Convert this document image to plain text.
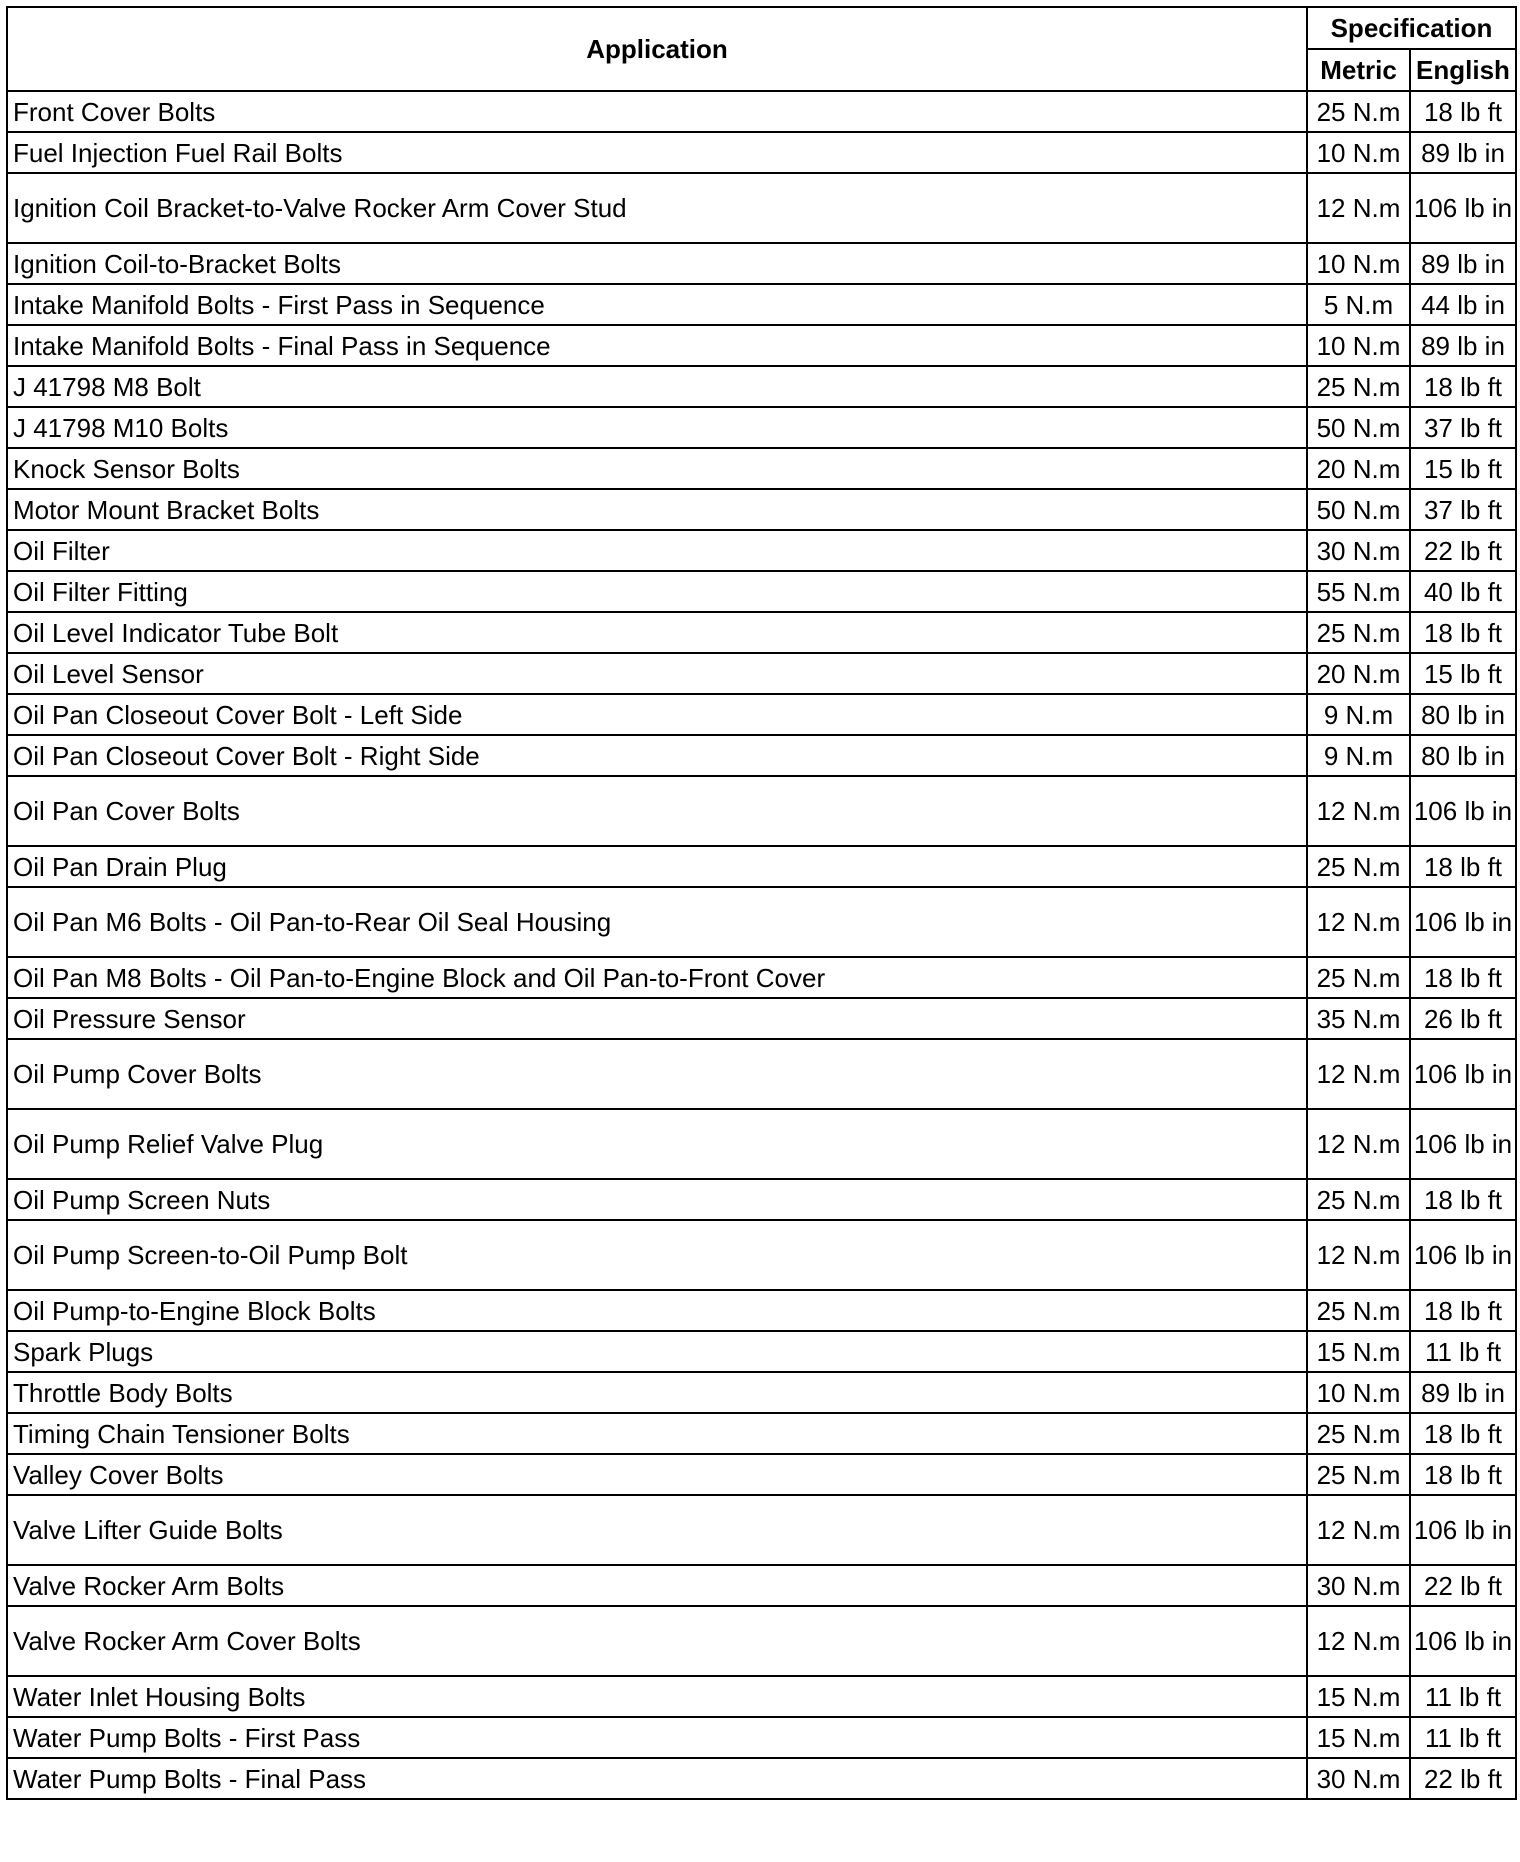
Application	Specification	
	Metric	English
Front Cover Bolts	25 N.m	18 lb ft
Fuel Injection Fuel Rail Bolts	10 N.m	89 lb in
Ignition Coil Bracket-to-Valve Rocker Arm Cover Stud	12 N.m	106 lb in
Ignition Coil-to-Bracket Bolts	10 N.m	89 lb in
Intake Manifold Bolts - First Pass in Sequence	5 N.m	44 lb in
Intake Manifold Bolts - Final Pass in Sequence	10 N.m	89 lb in
J 41798 M8 Bolt	25 N.m	18 lb ft
J 41798 M10 Bolts	50 N.m	37 lb ft
Knock Sensor Bolts	20 N.m	15 lb ft
Motor Mount Bracket Bolts	50 N.m	37 lb ft
Oil Filter	30 N.m	22 lb ft
Oil Filter Fitting	55 N.m	40 lb ft
Oil Level Indicator Tube Bolt	25 N.m	18 lb ft
Oil Level Sensor	20 N.m	15 lb ft
Oil Pan Closeout Cover Bolt - Left Side	9 N.m	80 lb in
Oil Pan Closeout Cover Bolt - Right Side	9 N.m	80 lb in
Oil Pan Cover Bolts	12 N.m	106 lb in
Oil Pan Drain Plug	25 N.m	18 lb ft
Oil Pan M6 Bolts - Oil Pan-to-Rear Oil Seal Housing	12 N.m	106 lb in
Oil Pan M8 Bolts - Oil Pan-to-Engine Block and Oil Pan-to-Front Cover	25 N.m	18 lb ft
Oil Pressure Sensor	35 N.m	26 lb ft
Oil Pump Cover Bolts	12 N.m	106 lb in
Oil Pump Relief Valve Plug	12 N.m	106 lb in
Oil Pump Screen Nuts	25 N.m	18 lb ft
Oil Pump Screen-to-Oil Pump Bolt	12 N.m	106 lb in
Oil Pump-to-Engine Block Bolts	25 N.m	18 lb ft
Spark Plugs	15 N.m	11 lb ft
Throttle Body Bolts	10 N.m	89 lb in
Timing Chain Tensioner Bolts	25 N.m	18 lb ft
Valley Cover Bolts	25 N.m	18 lb ft
Valve Lifter Guide Bolts	12 N.m	106 lb in
Valve Rocker Arm Bolts	30 N.m	22 lb ft
Valve Rocker Arm Cover Bolts	12 N.m	106 lb in
Water Inlet Housing Bolts	15 N.m	11 lb ft
Water Pump Bolts - First Pass	15 N.m	11 lb ft
Water Pump Bolts - Final Pass	30 N.m	22 lb ft
